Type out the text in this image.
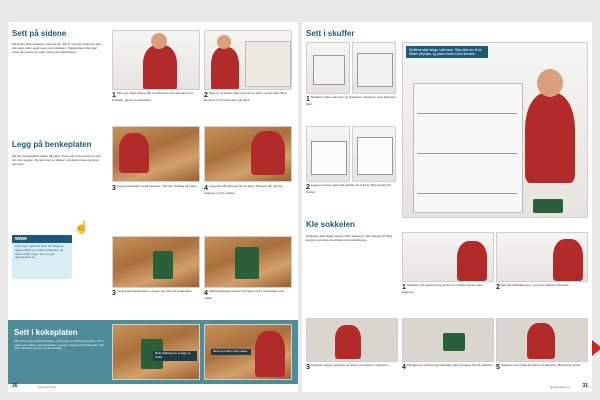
Sett på sidene
Nå festes side-stykkene med skruer. På de ytterste skapene skal det være sider også nede ved sokkelen. Sokkelplaten (E) skal enten få et løst ben eller settes på sokkelbeina.
Legg på benkeplaten
Nå kan benkeplaten løftes på plass. Pass på at den kommer helt inn mot veggen. Dersom det er skjøter, må disse limes og skrus sammen.
1Skru opp faste sidene (B) mot skapene. De skal skrus fra innsiden, gjennom skapsiden.
2Sørg for at sidene står helt rett og i lodd, og skru fast. Bruk klemmer for å holde dem på plass.
3Legg benkeplaten oppå skapene. Løft den forsiktig på plass. 4Legg fast på hjørnene før du skrur. Skruene går opp fra skapene og inn i platen.
www
Flere tips: Gjør Det Selv har tidligere laget artikler om andre materialer og andre utforminger. Se mer på gjoerdetselv.no
☝
3Sprøyt fast benkeplaten, og skru den fast fra undersiden.	4Skjæreverktøyet brukes til å lage hull for kokeplaten etter malen.
Sett i kokeplaten
Når du har lagt opp benkeplaten, må du lage et hull for kokeplaten. Bruk malen som følger med kokeplaten, og tegn omrisset på benkeplaten. Bor hull i hjørnene, og sag ut med stikksag.
Bruk stikksag for å sage ut hullet
Merk av hullet med malen
30	Gjør Det Selv
Sett i skuffer
1Skuffene settes sammen og plasseres i skapene. Fest skinnene først.
2Legg en mal av papp bak skuffen for å finne riktig avstand til fronten.
Skuffene skal henge i skinnene. Skyv dem inn til de klikker på plass, og juster fronten med skruene.
Kle sokkelen
Sokkelen skal skjule beina under skapene. Den kappes til riktig lengde og festes med klips mot sokkelbeina.
1Sokkelen (C) kappes til og settes inn mellom beina under skapene.
2Sett på sokkelklipsene, og press sokkelen på plass.
3Sokkelen legges på plass og festes med skruer i hjørnene.	4På hjørnene brukes hjørnebeslag. Skru beslaget fast til sokkelen. 5Sokkelen skrus fast til sidene på skapene. Bruk korte skruer.
gjoerdetselv.no 31
